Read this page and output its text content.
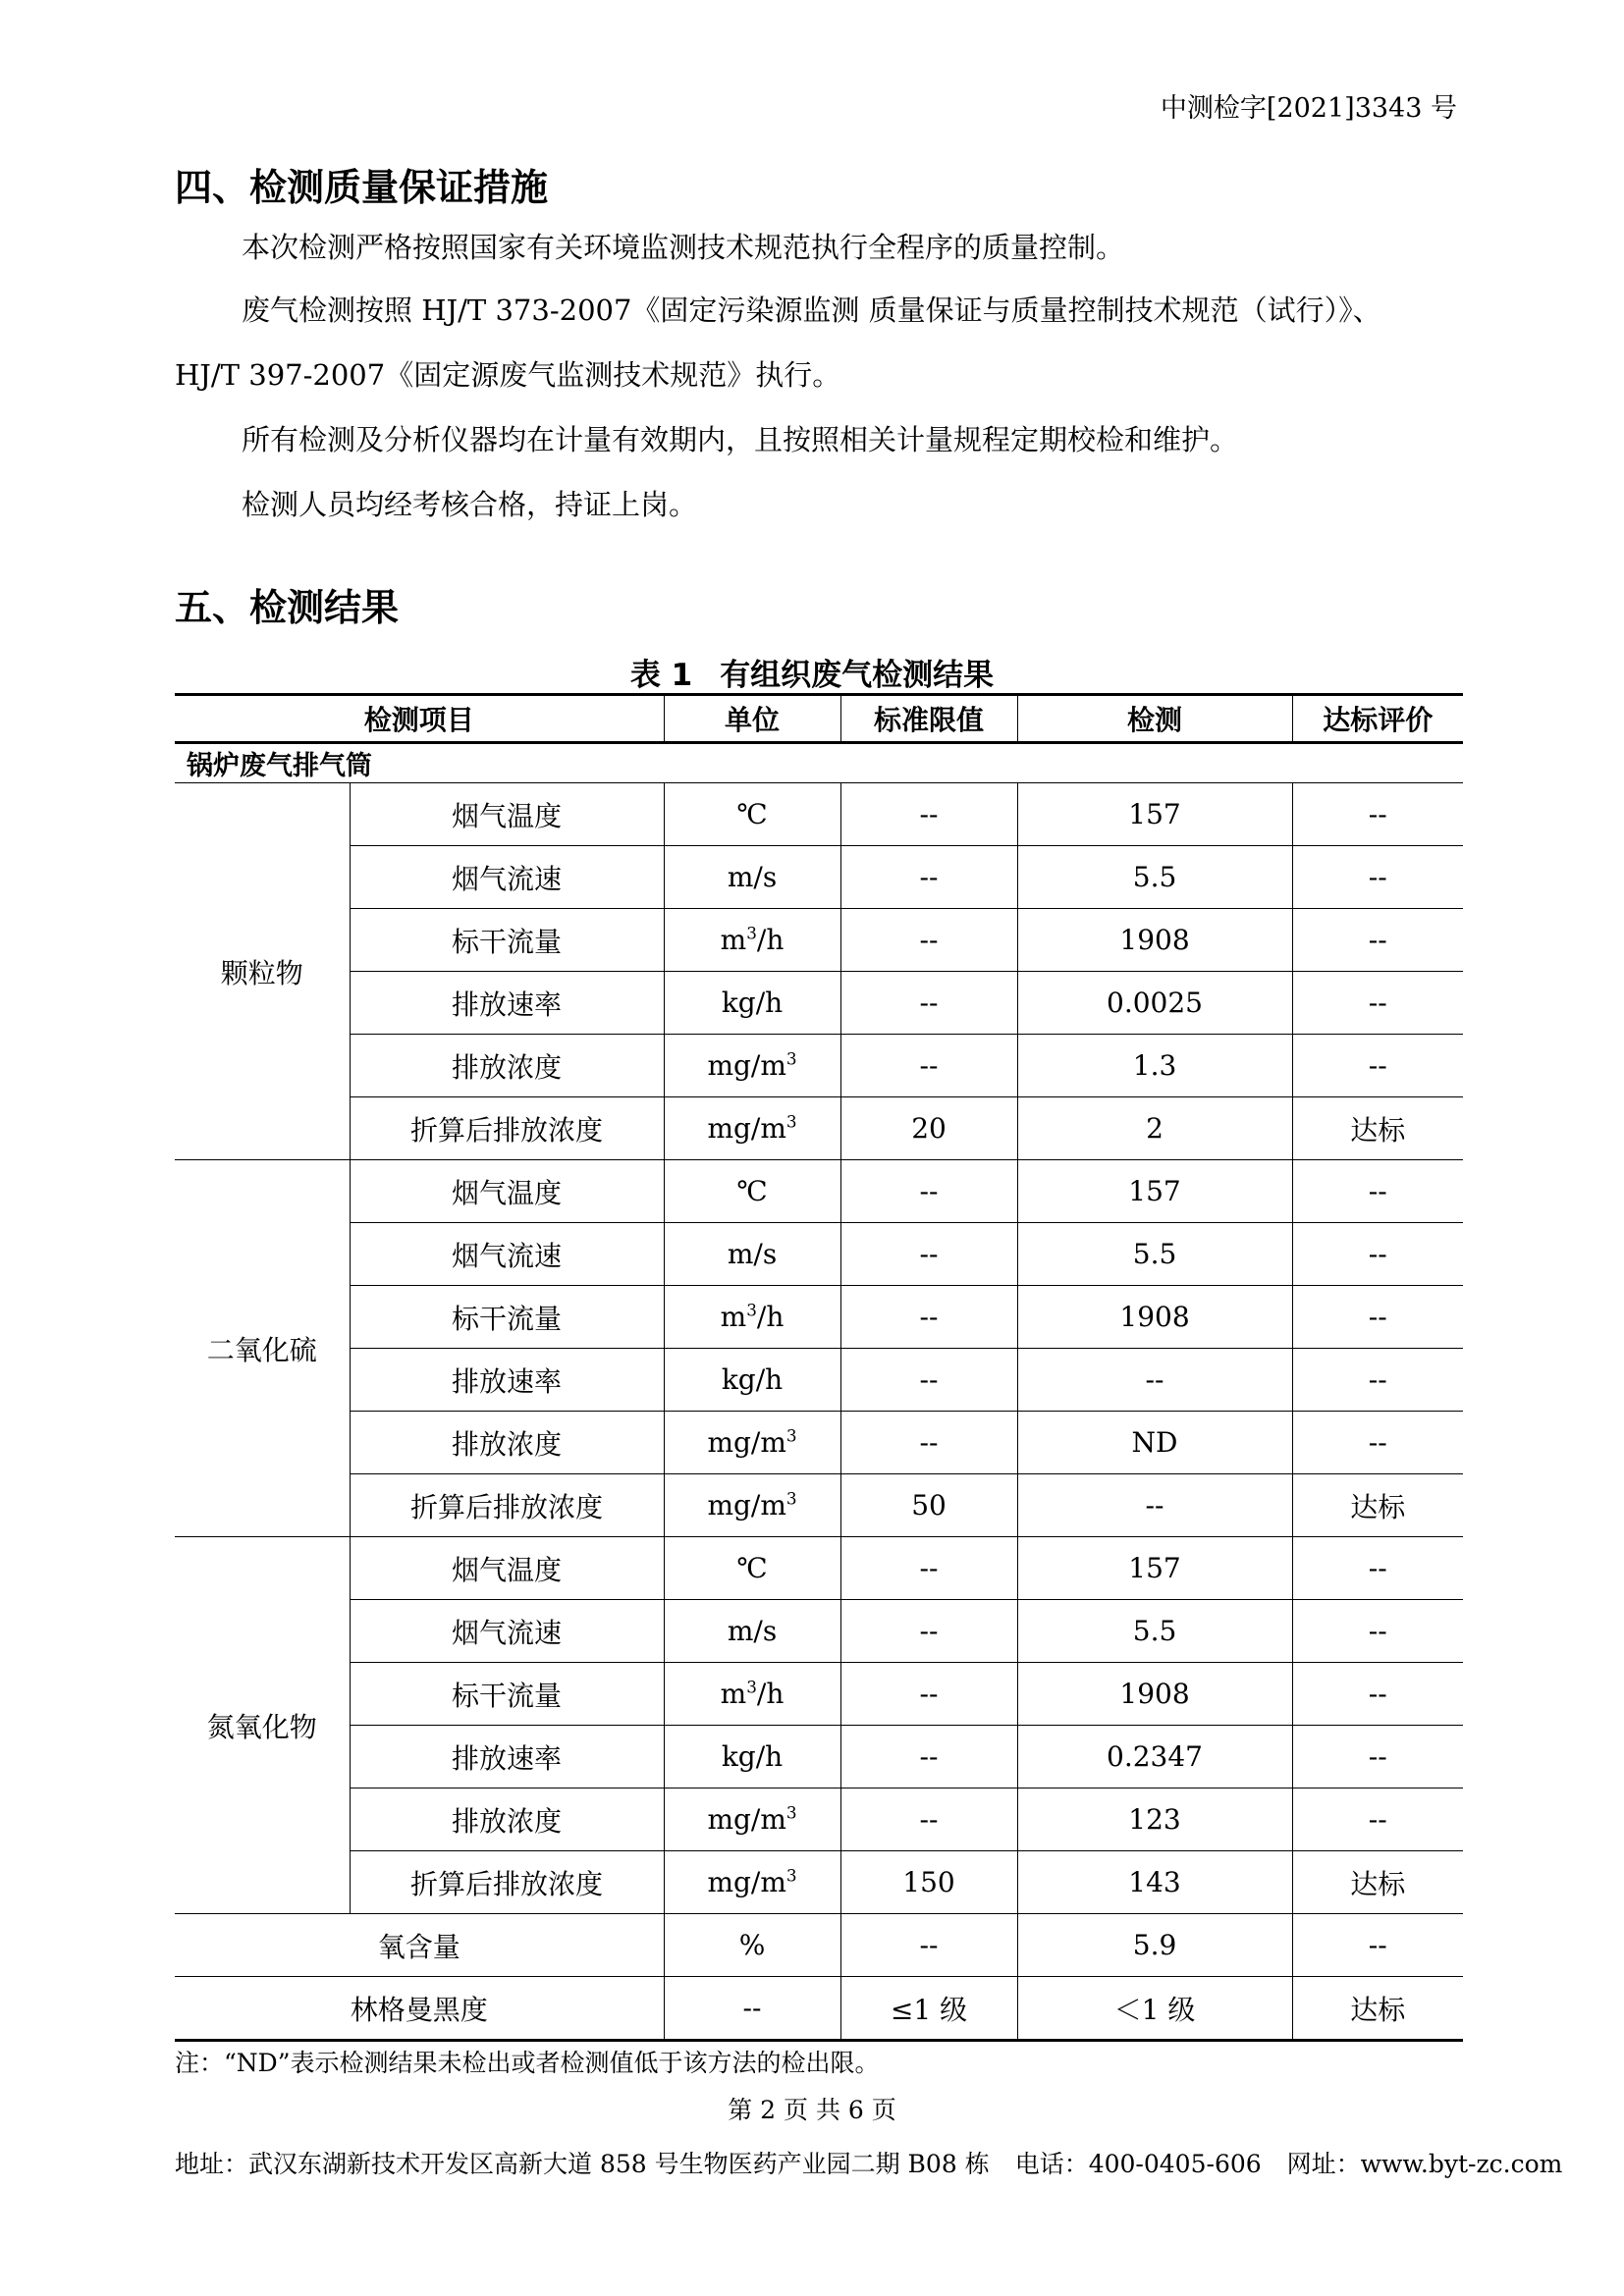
中测检字[2021]3343 号
四、检测质量保证措施
本次检测严格按照国家有关环境监测技术规范执行全程序的质量控制。
废气检测按照 HJ/T 373-2007《固定污染源监测 质量保证与质量控制技术规范（试行）》、
HJ/T 397-2007《固定源废气监测技术规范》执行。
所有检测及分析仪器均在计量有效期内，且按照相关计量规程定期校检和维护。
检测人员均经考核合格，持证上岗。
五、检测结果
表 1 有组织废气检测结果
检测项目		单位	标准限值	检测	达标评价
锅炉废气排气筒					
颗粒物	烟气温度	℃	--	157	--
	烟气流速	m/s	--	5.5	--
	标干流量	$m^3/h$	--	1908	--
	排放速率	kg/h	--	0.0025	--
	排放浓度	$mg/m^3$	--	1.3	--
	折算后排放浓度	$mg/m^3$	20	2	达标
二氧化硫	烟气温度	℃	--	157	--
	烟气流速	m/s	--	5.5	--
	标干流量	$m^3/h$	--	1908	--
	排放速率	kg/h	--	--	--
	排放浓度	$mg/m^3$	--	ND	--
	折算后排放浓度	$mg/m^3$	50	--	达标
氮氧化物	烟气温度	℃	--	157	--
	烟气流速	m/s	--	5.5	--
	标干流量	$m^3/h$	--	1908	--
	排放速率	kg/h	--	0.2347	--
	排放浓度	$mg/m^3$	--	123	--
	折算后排放浓度	$mg/m^3$	150	143	达标
氧含量		%	--	5.9	--
林格曼黑度		--	≤1 级	＜1 级	达标
注：“ND”表示检测结果未检出或者检测值低于该方法的检出限。
第 2 页 共 6 页
地址：武汉东湖新技术开发区高新大道 858 号生物医药产业园二期 B08 栋 电话：400-0405-606 网址：www.byt-zc.com
